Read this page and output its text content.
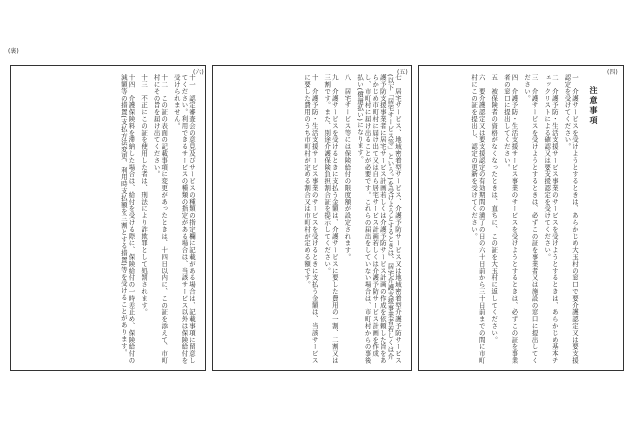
(裏)
十一　認定審査会の意見及びサービスの種類の指定欄に記載がある場合は、記載事項に留意してください。利用できるサービスの種類の指定がある場合は、当該サービス以外は保険給付を受けられません。
十二　この証の表面の記載事項に変更があったときは、十四日以内に、この証を添えて、市町村にその旨を届け出てください。
十三　不正にこの証を使用した者は、刑法により詐欺罪として処罰されます。
十四　介護保険料を滞納した場合は、給付を受ける際に、保険給付の一時差止め、保険給付の減額等の措置(支払方法変更、利用時支払額を三割とする措置)等を受けることがあります。
(六)
七　居宅サービス、地域密着型サービス、介護予防サービス又は地域密着型介護予防サービス(以下「居宅サービス等」という。)を受けようとするときは、居宅介護支援事業者若しくは介護予防支援事業者に居宅サービス計画若しくは介護予防サービス計画の作成を依頼した旨をあらかじめ市町村に届け出て又は自ら居宅サービス計画若しくは介護予防サービス計画を作成し、市町村に届け出ることが必要です。これらの届出をしていない場合は、市町村からの事後払い(償還払い)になります。
八　居宅サービス等には保険給付の限度額が設定されます。
九　介護サービスを受けるときに支払う金額は、介護サービスに要した費用の一割、二割又は三割です。また、別途介護保険負担割合証を提示してください。
十　介護予防・生活支援サービス事業のサービスを受けるときに支払う金額は、当該サービスに要した費用のうち市町村が定める割合又は市町村が定める額です。
(五)
注意事項
一　介護サービスを受けようとするときは、あらかじめ大玉村の窓口で要介護認定又は要支援認定を受けてください。
二　介護予防・生活支援サービス事業のサービスを受けようとするときは、あらかじめ基本チェックリストによる確認又は要支援認定を受けてください。
三　介護サービスを受けようとするときは、必ずこの証を事業者又は施設の窓口に提出してください。
四　介護予防・生活支援サービス事業のサービスを受けようとするときは、必ずこの証を事業者の窓口に提出してください。
五　被保険者の資格がなくなったときは、直ちに、この証を大玉村に返してください。
六　要介護認定又は要支援認定の有効期間の満了の日の六十日前から三十日前までの間に市町村にこの証を提出し、認定の更新を受けてください。
(四)
